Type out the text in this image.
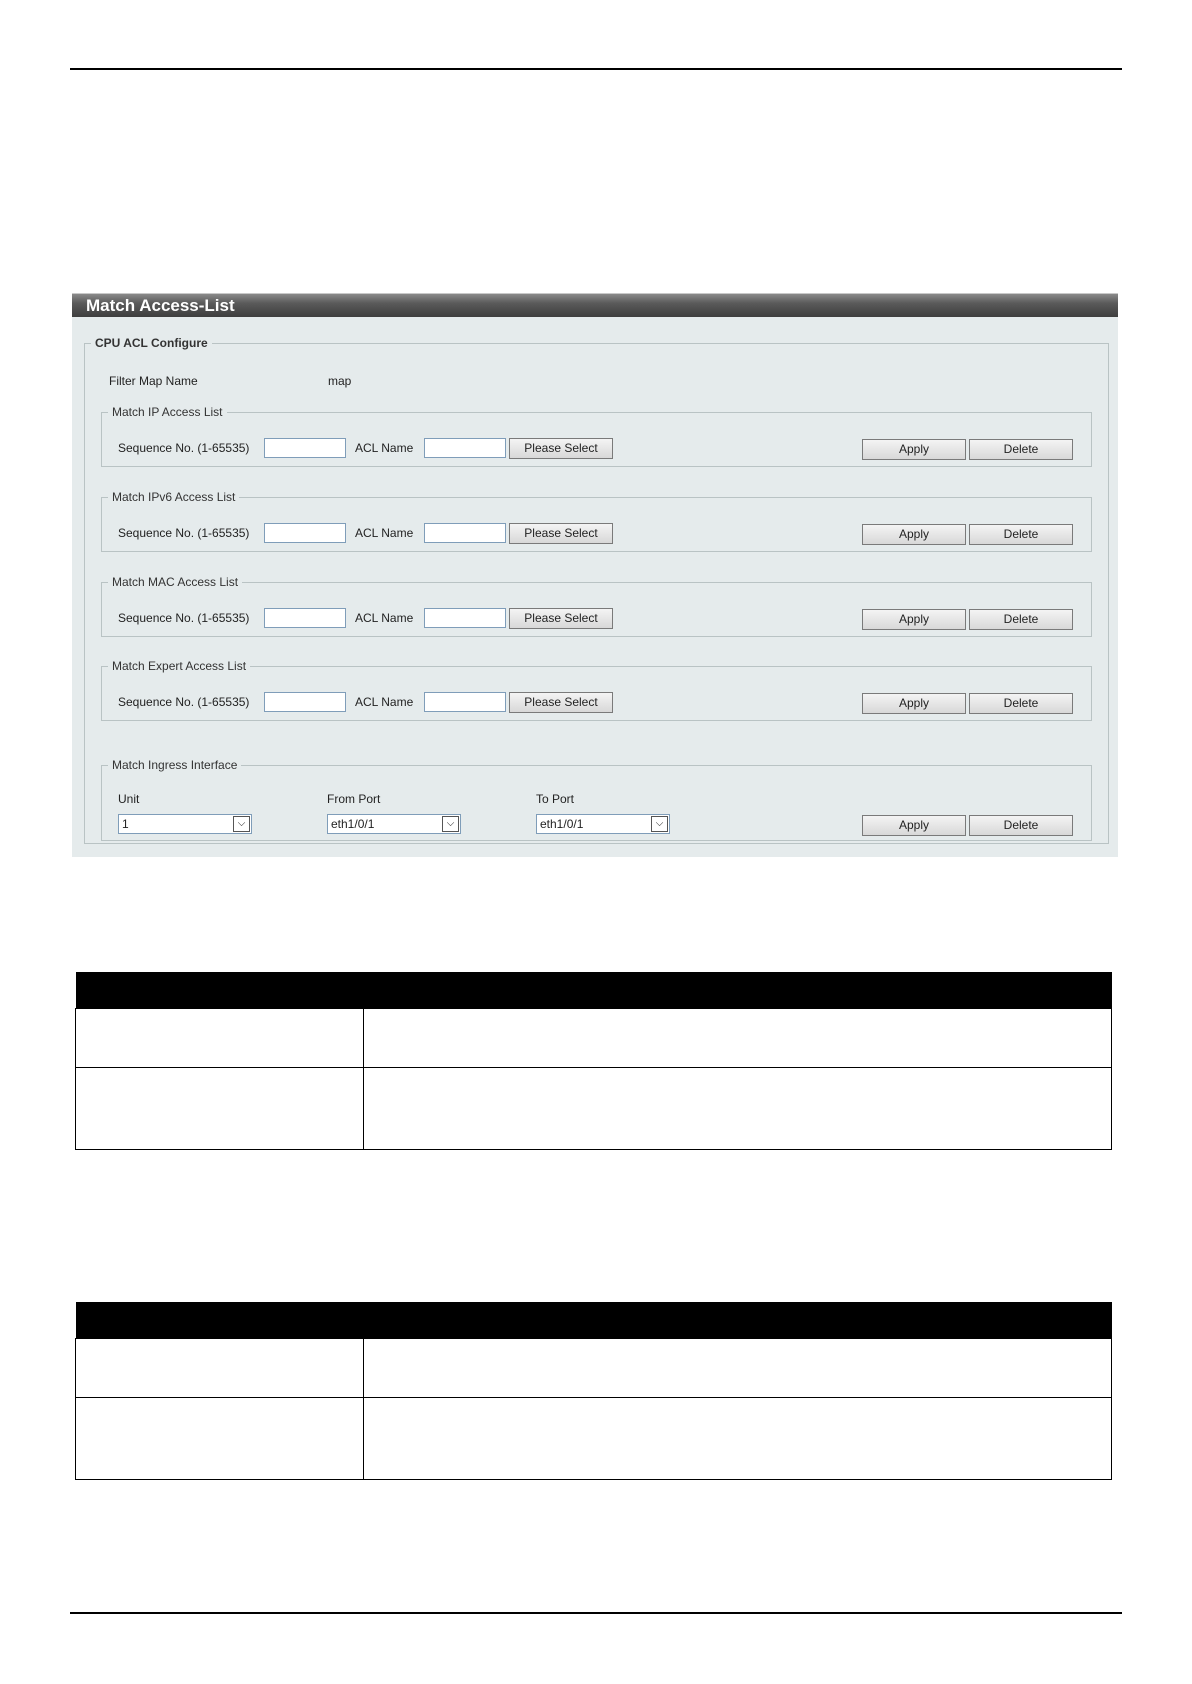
Match Access-List
CPU ACL Configure
Filter Map Name	map
Match IP Access List
Sequence No. (1-65535)	ACL Name	Please Select	Apply	Delete
Match IPv6 Access List
Sequence No. (1-65535)	ACL Name	Please Select	Apply	Delete
Match MAC Access List
Sequence No. (1-65535)	ACL Name	Please Select	Apply	Delete
Match Expert Access List
Sequence No. (1-65535)	ACL Name	Please Select	Apply	Delete
Match Ingress Interface
Unit	From Port	To Port
1	⌵	eth1/0/1	⌵	eth1/0/1	⌵	Apply	Delete
